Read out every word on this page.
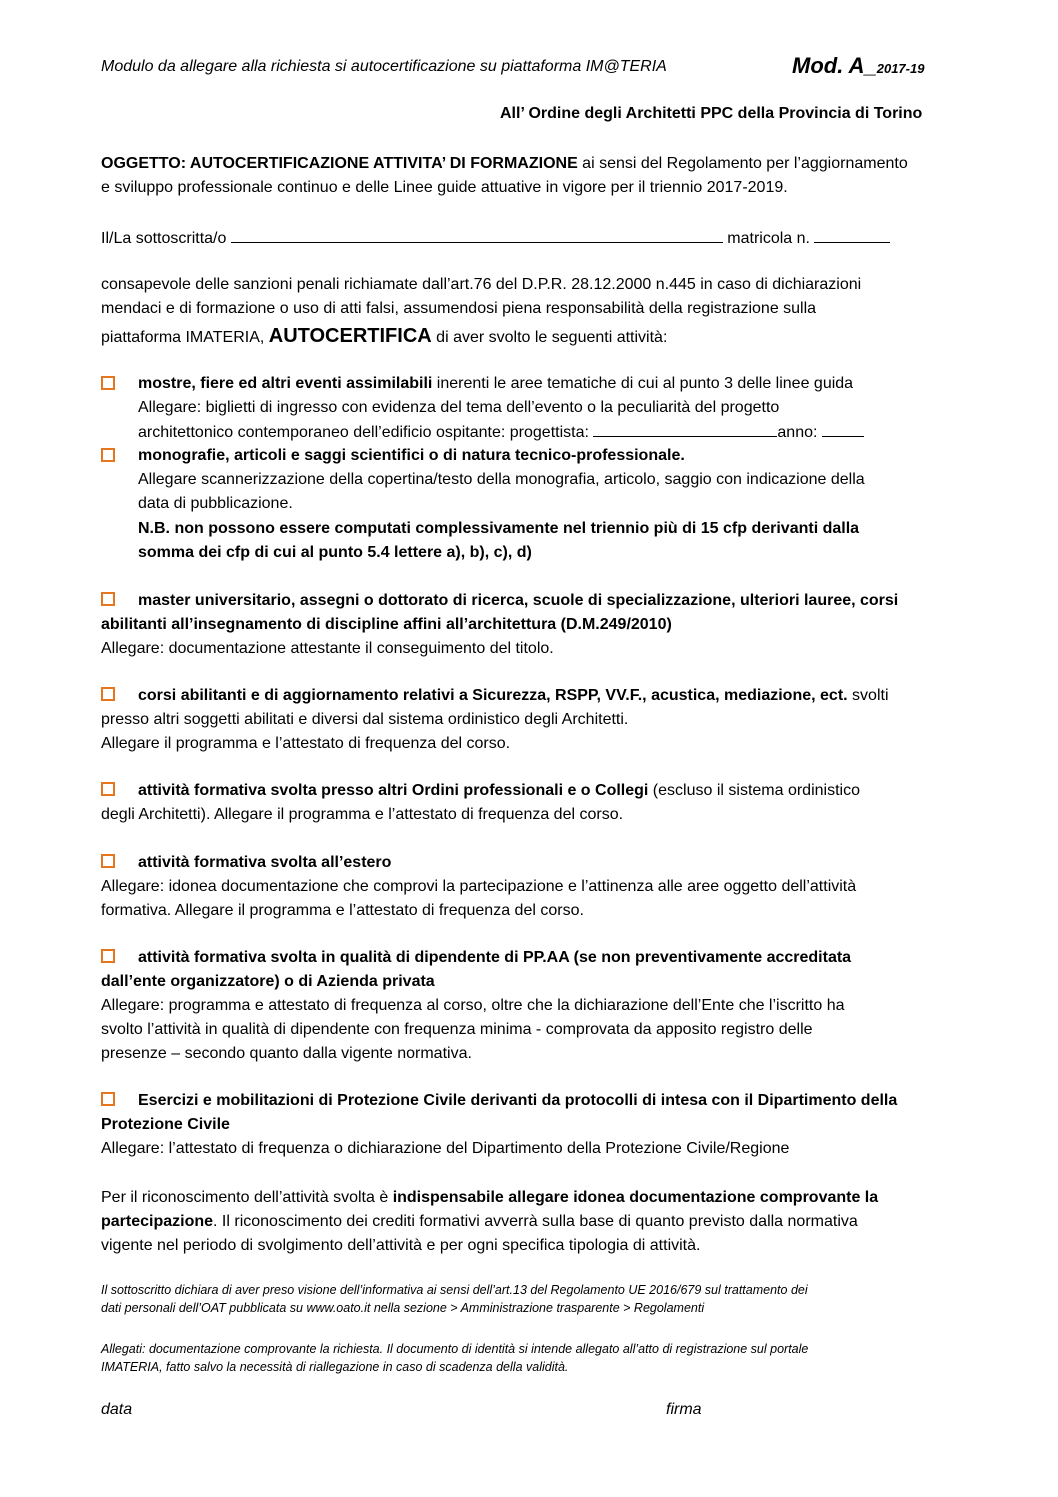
Modulo da allegare alla richiesta si autocertificazione su piattaforma IM@TERIA	Mod. A_2017-19
All’ Ordine degli Architetti PPC della Provincia di Torino
OGGETTO: AUTOCERTIFICAZIONE ATTIVITA’ DI FORMAZIONE ai sensi del Regolamento per l’aggiornamento
e sviluppo professionale continuo e delle Linee guide attuative in vigore per il triennio 2017-2019.
Il/La sottoscritta/o	matricola n.
consapevole delle sanzioni penali richiamate dall’art.76 del D.P.R. 28.12.2000 n.445 in caso di dichiarazioni
mendaci e di formazione o uso di atti falsi, assumendosi piena responsabilità della registrazione sulla
piattaforma IMATERIA, AUTOCERTIFICA di aver svolto le seguenti attività:
mostre, fiere ed altri eventi assimilabili inerenti le aree tematiche di cui al punto 3 delle linee guida
Allegare: biglietti di ingresso con evidenza del tema dell’evento o la peculiarità del progetto
architettonico contemporaneo dell’edificio ospitante: progettista:	anno:
monografie, articoli e saggi scientifici o di natura tecnico-professionale.
Allegare scannerizzazione della copertina/testo della monografia, articolo, saggio con indicazione della
data di pubblicazione.
N.B. non possono essere computati complessivamente nel triennio più di 15 cfp derivanti dalla
somma dei cfp di cui al punto 5.4 lettere a), b), c), d)
master universitario, assegni o dottorato di ricerca, scuole di specializzazione, ulteriori lauree, corsi
abilitanti all’insegnamento di discipline affini all’architettura (D.M.249/2010)
Allegare: documentazione attestante il conseguimento del titolo.
corsi abilitanti e di aggiornamento relativi a Sicurezza, RSPP, VV.F., acustica, mediazione, ect. svolti
presso altri soggetti abilitati e diversi dal sistema ordinistico degli Architetti.
Allegare il programma e l’attestato di frequenza del corso.
attività formativa svolta presso altri Ordini professionali e o Collegi (escluso il sistema ordinistico
degli Architetti). Allegare il programma e l’attestato di frequenza del corso.
attività formativa svolta all’estero
Allegare: idonea documentazione che comprovi la partecipazione e l’attinenza alle aree oggetto dell’attività
formativa. Allegare il programma e l’attestato di frequenza del corso.
attività formativa svolta in qualità di dipendente di PP.AA (se non preventivamente accreditata
dall’ente organizzatore) o di Azienda privata
Allegare: programma e attestato di frequenza al corso, oltre che la dichiarazione dell’Ente che l’iscritto ha
svolto l’attività in qualità di dipendente con frequenza minima - comprovata da apposito registro delle
presenze – secondo quanto dalla vigente normativa.
Esercizi e mobilitazioni di Protezione Civile derivanti da protocolli di intesa con il Dipartimento della
Protezione Civile
Allegare: l’attestato di frequenza o dichiarazione del Dipartimento della Protezione Civile/Regione
Per il riconoscimento dell’attività svolta è indispensabile allegare idonea documentazione comprovante la
partecipazione. Il riconoscimento dei crediti formativi avverrà sulla base di quanto previsto dalla normativa
vigente nel periodo di svolgimento dell’attività e per ogni specifica tipologia di attività.
Il sottoscritto dichiara di aver preso visione dell’informativa ai sensi dell’art.13 del Regolamento UE 2016/679 sul trattamento dei
dati personali dell’OAT pubblicata su www.oato.it nella sezione > Amministrazione trasparente > Regolamenti
Allegati: documentazione comprovante la richiesta. Il documento di identità si intende allegato all’atto di registrazione sul portale
IMATERIA, fatto salvo la necessità di riallegazione in caso di scadenza della validità.
data	firma
